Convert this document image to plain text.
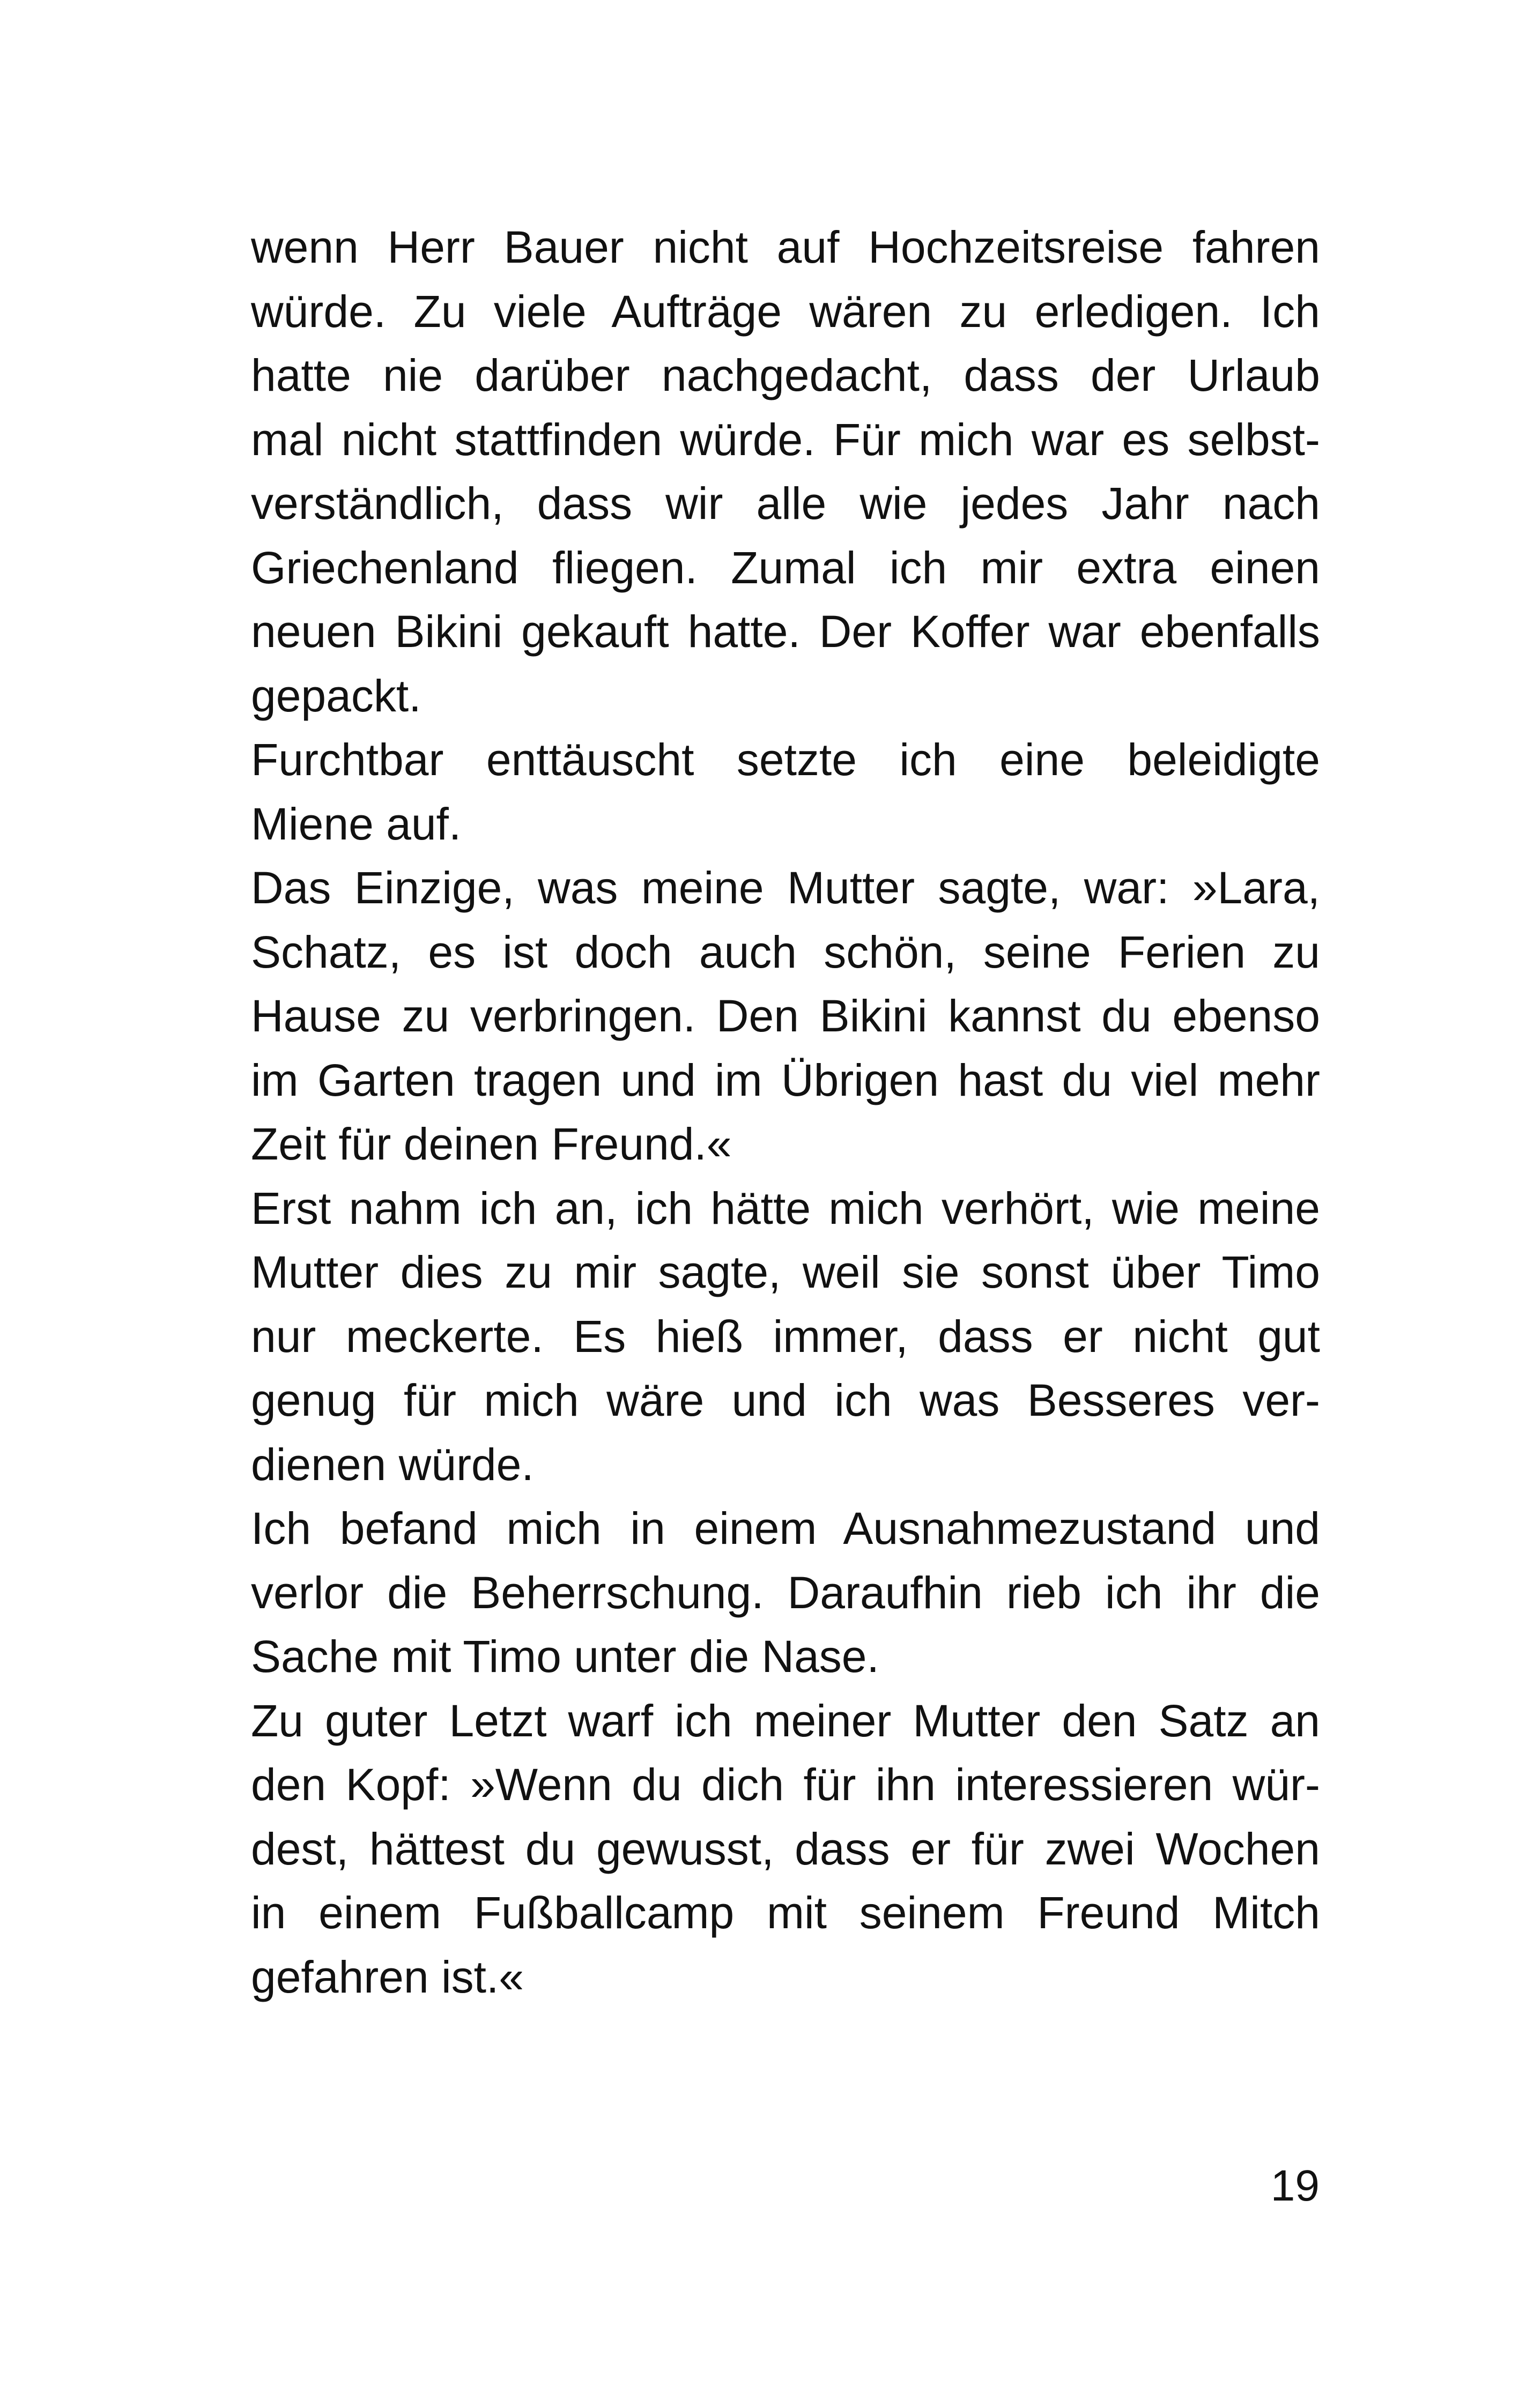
wenn Herr Bauer nicht auf Hochzeitsreise fahren
würde. Zu viele Aufträge wären zu erledigen. Ich
hatte nie darüber nachgedacht, dass der Urlaub
mal nicht stattfinden würde. Für mich war es selbst-
verständlich, dass wir alle wie jedes Jahr nach
Griechenland fliegen. Zumal ich mir extra einen
neuen Bikini gekauft hatte. Der Koffer war ebenfalls
gepackt.
Furchtbar enttäuscht setzte ich eine beleidigte
Miene auf.
Das Einzige, was meine Mutter sagte, war: »Lara,
Schatz, es ist doch auch schön, seine Ferien zu
Hause zu verbringen. Den Bikini kannst du ebenso
im Garten tragen und im Übrigen hast du viel mehr
Zeit für deinen Freund.«
Erst nahm ich an, ich hätte mich verhört, wie meine
Mutter dies zu mir sagte, weil sie sonst über Timo
nur meckerte. Es hieß immer, dass er nicht gut
genug für mich wäre und ich was Besseres ver-
dienen würde.
Ich befand mich in einem Ausnahmezustand und
verlor die Beherrschung. Daraufhin rieb ich ihr die
Sache mit Timo unter die Nase.
Zu guter Letzt warf ich meiner Mutter den Satz an
den Kopf: »Wenn du dich für ihn interessieren wür-
dest, hättest du gewusst, dass er für zwei Wochen
in einem Fußballcamp mit seinem Freund Mitch
gefahren ist.«
19
